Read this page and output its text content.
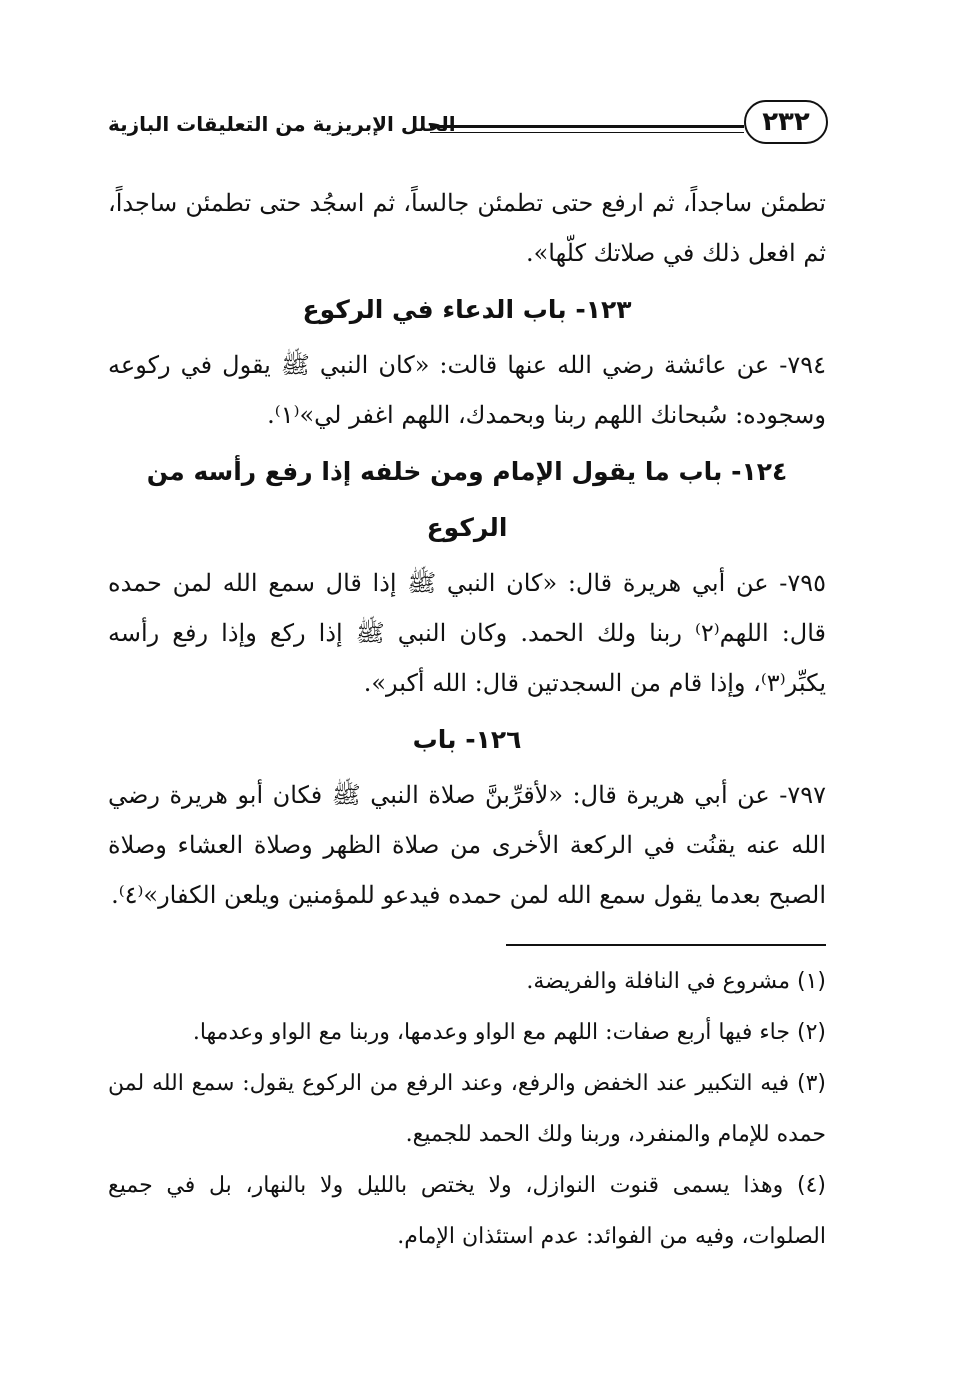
الحلل الإبريزية من التعليقات البازية	٢٣٢

تطمئن ساجداً، ثم ارفع حتى تطمئن جالساً، ثم اسجُد حتى تطمئن ساجداً، ثم افعل ذلك في صلاتك كلّها».

١٢٣- باب الدعاء في الركوع

٧٩٤- عن عائشة رضي الله عنها قالت: «كان النبي ﷺ يقول في ركوعه وسجوده: سُبحانك اللهم ربنا وبحمدك، اللهم اغفر لي»⁽١⁾.

١٢٤- باب ما يقول الإمام ومن خلفه إذا رفع رأسه من الركوع

٧٩٥- عن أبي هريرة قال: «كان النبي ﷺ إذا قال سمع الله لمن حمده قال: اللهم⁽٢⁾ ربنا ولك الحمد. وكان النبي ﷺ إذا ركع وإذا رفع رأسه يكبِّر⁽٣⁾، وإذا قام من السجدتين قال: الله أكبر».

١٢٦- باب

٧٩٧- عن أبي هريرة قال: «لأقرِّبنَّ صلاة النبي ﷺ فكان أبو هريرة رضي الله عنه يقنُت في الركعة الأخرى من صلاة الظهر وصلاة العشاء وصلاة الصبح بعدما يقول سمع الله لمن حمده فيدعو للمؤمنين ويلعن الكفار»⁽٤⁾.

(١) مشروع في النافلة والفريضة.

(٢) جاء فيها أربع صفات: اللهم مع الواو وعدمها، وربنا مع الواو وعدمها.

(٣) فيه التكبير عند الخفض والرفع، وعند الرفع من الركوع يقول: سمع الله لمن حمده للإمام والمنفرد، وربنا ولك الحمد للجميع.

(٤) وهذا يسمى قنوت النوازل، ولا يختص بالليل ولا بالنهار، بل في جميع الصلوات، وفيه من الفوائد: عدم استئذان الإمام.
